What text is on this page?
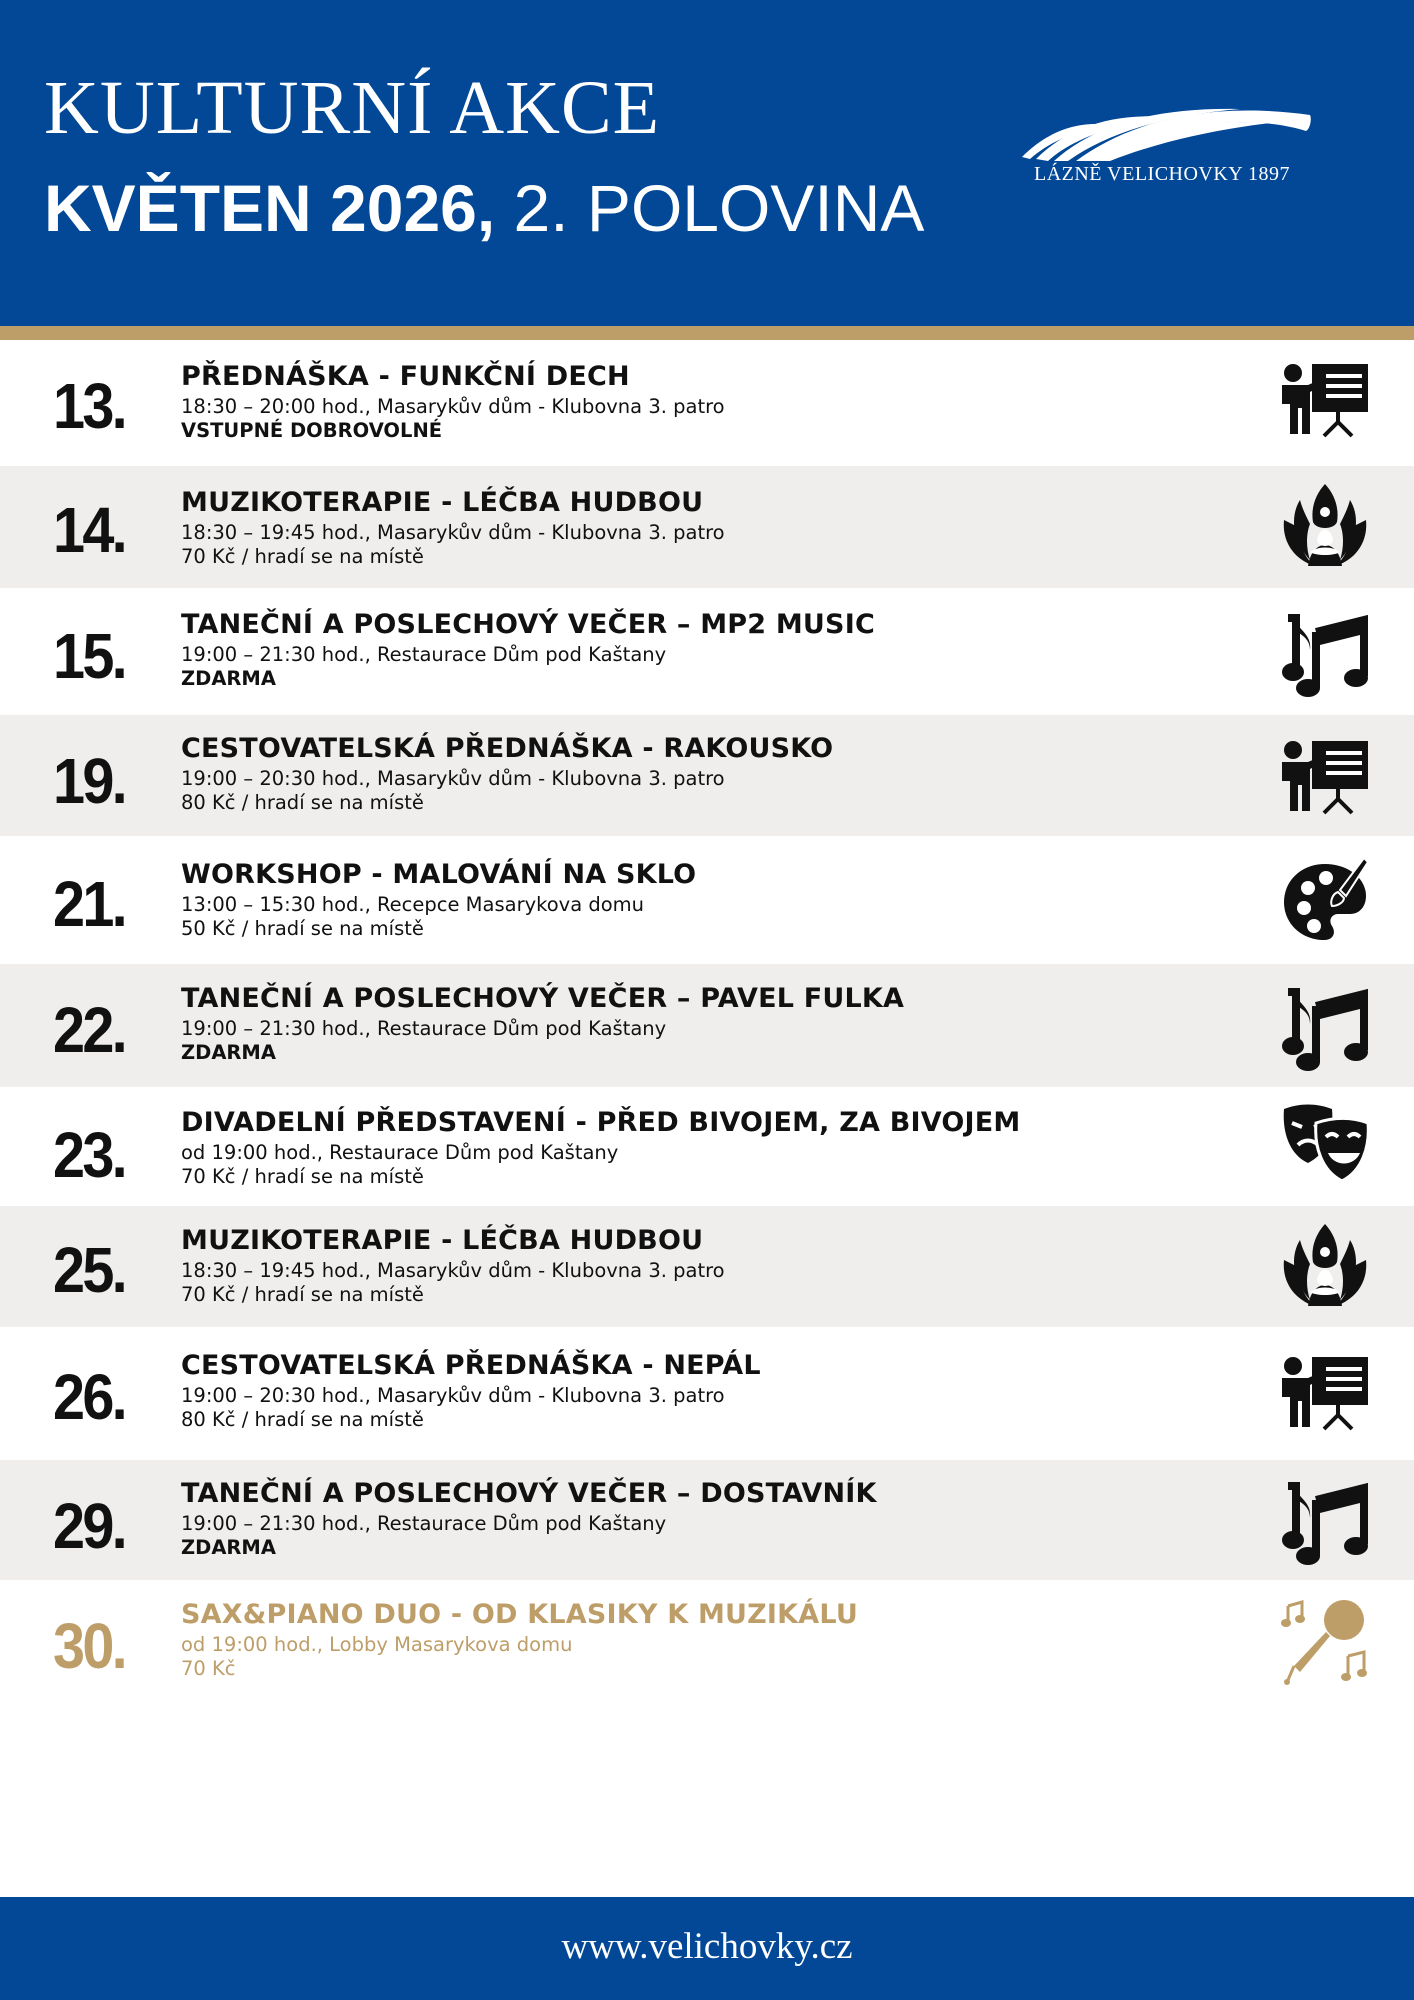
KULTURNÍ AKCE
KVĚTEN 2026, 2. POLOVINA	LÁZNĚ VELICHOVKY 1897
13.	PŘEDNÁŠKA - FUNKČNÍ DECH
18:30 – 20:00 hod., Masarykův dům - Klubovna 3. patro
VSTUPNÉ DOBROVOLNÉ
14.	MUZIKOTERAPIE - LÉČBA HUDBOU
18:30 – 19:45 hod., Masarykův dům - Klubovna 3. patro
70 Kč / hradí se na místě
15.	TANEČNÍ A POSLECHOVÝ VEČER – MP2 MUSIC
19:00 – 21:30 hod., Restaurace Dům pod Kaštany
ZDARMA
19.	CESTOVATELSKÁ PŘEDNÁŠKA - RAKOUSKO
19:00 – 20:30 hod., Masarykův dům - Klubovna 3. patro
80 Kč / hradí se na místě
21.	WORKSHOP - MALOVÁNÍ NA SKLO
13:00 – 15:30 hod., Recepce Masarykova domu
50 Kč / hradí se na místě
22.	TANEČNÍ A POSLECHOVÝ VEČER – PAVEL FULKA
19:00 – 21:30 hod., Restaurace Dům pod Kaštany
ZDARMA
23.	DIVADELNÍ PŘEDSTAVENÍ - PŘED BIVOJEM, ZA BIVOJEM
od 19:00 hod., Restaurace Dům pod Kaštany
70 Kč / hradí se na místě
25.	MUZIKOTERAPIE - LÉČBA HUDBOU
18:30 – 19:45 hod., Masarykův dům - Klubovna 3. patro
70 Kč / hradí se na místě
26.	CESTOVATELSKÁ PŘEDNÁŠKA - NEPÁL
19:00 – 20:30 hod., Masarykův dům - Klubovna 3. patro
80 Kč / hradí se na místě
29.	TANEČNÍ A POSLECHOVÝ VEČER – DOSTAVNÍK
19:00 – 21:30 hod., Restaurace Dům pod Kaštany
ZDARMA
30.	SAX&PIANO DUO - OD KLASIKY K MUZIKÁLU
od 19:00 hod., Lobby Masarykova domu
70 Kč
www.velichovky.cz
